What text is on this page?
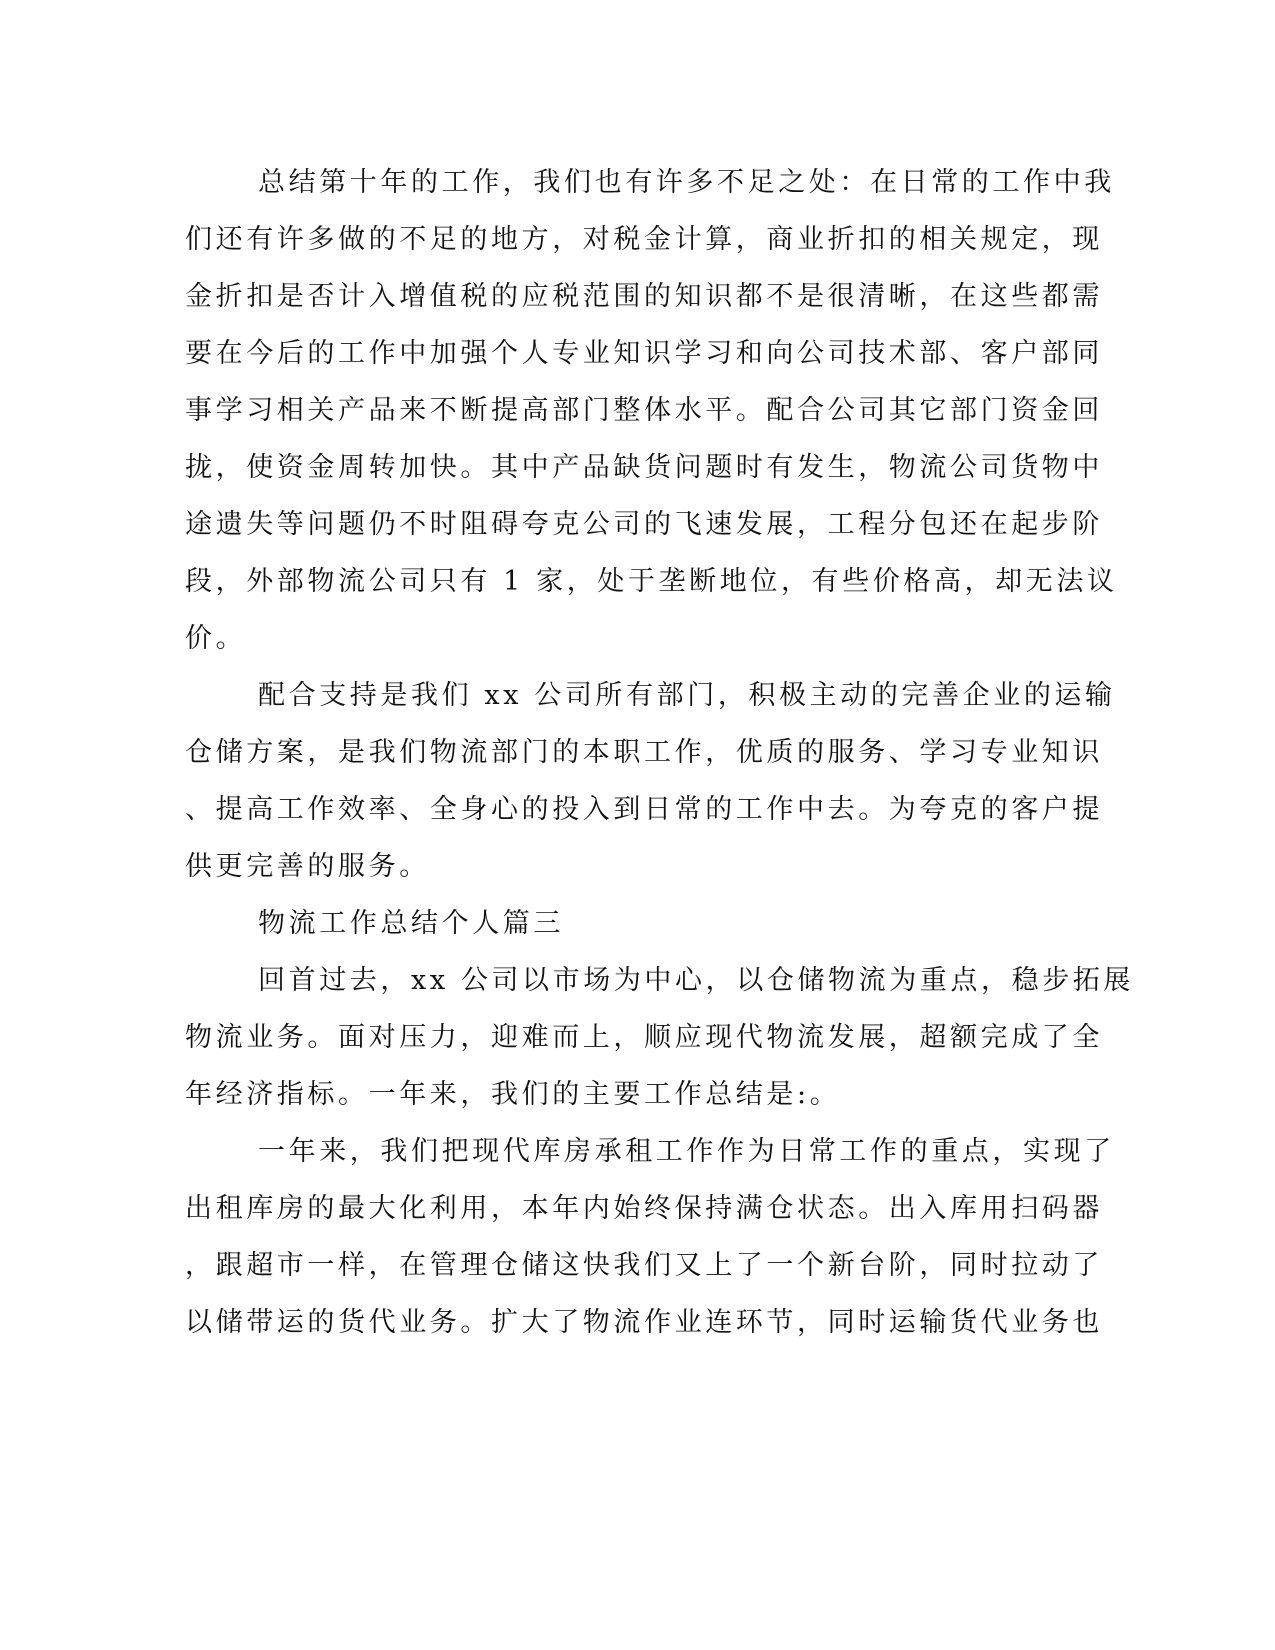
总结第十年的工作，我们也有许多不足之处：在日常的工作中我

们还有许多做的不足的地方，对税金计算，商业折扣的相关规定，现

金折扣是否计入增值税的应税范围的知识都不是很清晰，在这些都需

要在今后的工作中加强个人专业知识学习和向公司技术部、客户部同

事学习相关产品来不断提高部门整体水平。配合公司其它部门资金回

拢，使资金周转加快。其中产品缺货问题时有发生，物流公司货物中

途遗失等问题仍不时阻碍夸克公司的飞速发展，工程分包还在起步阶

段，外部物流公司只有 1 家，处于垄断地位，有些价格高，却无法议

价。

配合支持是我们 xx 公司所有部门，积极主动的完善企业的运输

仓储方案，是我们物流部门的本职工作，优质的服务、学习专业知识

、提高工作效率、全身心的投入到日常的工作中去。为夸克的客户提

供更完善的服务。

物流工作总结个人篇三

回首过去，xx 公司以市场为中心，以仓储物流为重点，稳步拓展

物流业务。面对压力，迎难而上，顺应现代物流发展，超额完成了全

年经济指标。一年来，我们的主要工作总结是:。

一年来，我们把现代库房承租工作作为日常工作的重点，实现了

出租库房的最大化利用，本年内始终保持满仓状态。出入库用扫码器

，跟超市一样，在管理仓储这快我们又上了一个新台阶，同时拉动了

以储带运的货代业务。扩大了物流作业连环节，同时运输货代业务也
